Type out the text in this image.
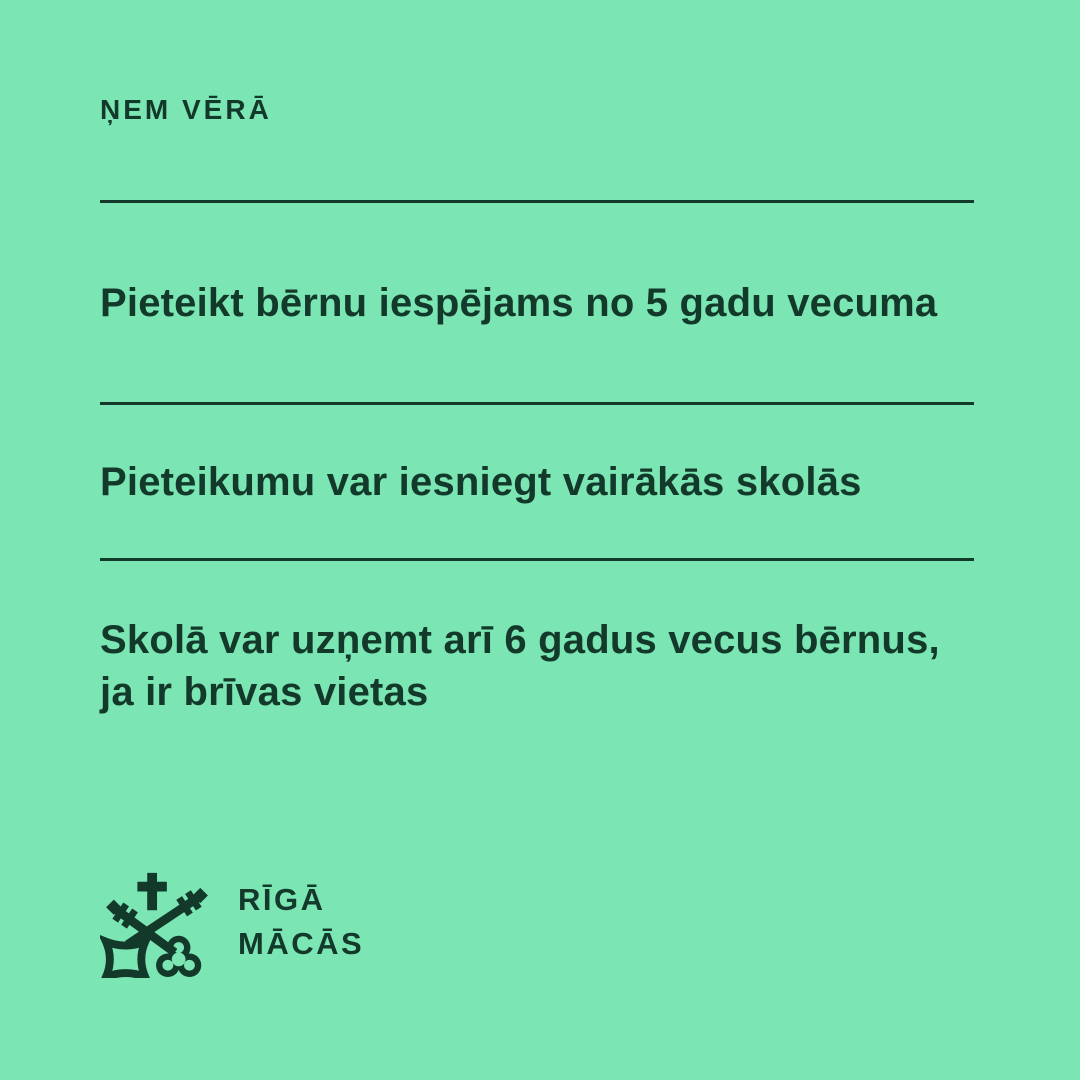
ŅEM VĒRĀ

Pieteikt bērnu iespējams no 5 gadu vecuma

Pieteikumu var iesniegt vairākās skolās

Skolā var uzņemt arī 6 gadus vecus bērnus,
ja ir brīvas vietas

RĪGĀ
MĀCĀS
